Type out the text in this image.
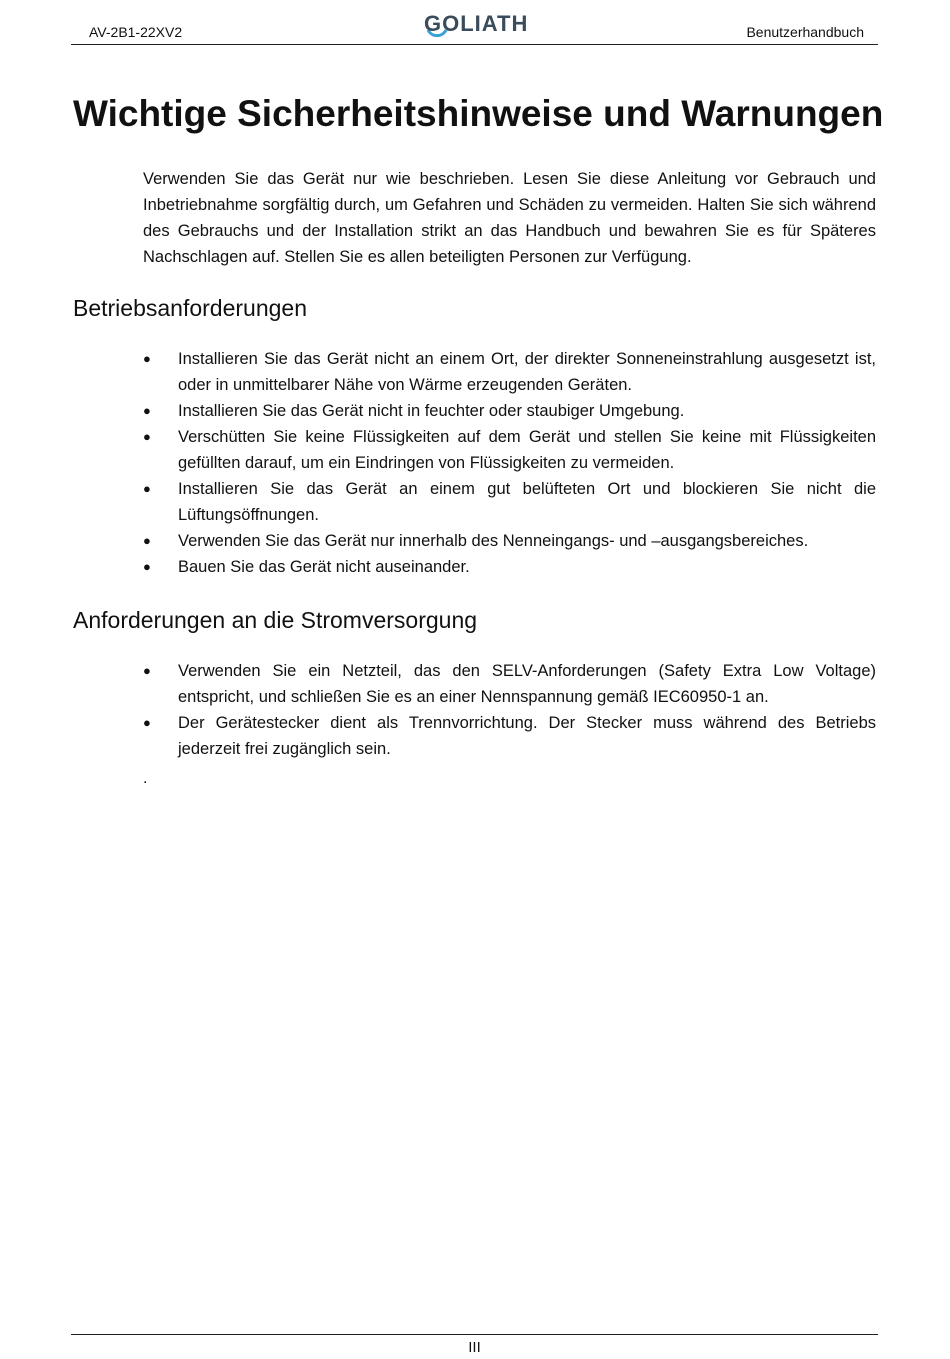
AV-2B1-22XV2	GOLIATH	Benutzerhandbuch
Wichtige Sicherheitshinweise und Warnungen

Verwenden Sie das Gerät nur wie beschrieben. Lesen Sie diese Anleitung vor Gebrauch und Inbetriebnahme sorgfältig durch, um Gefahren und Schäden zu vermeiden. Halten Sie sich während des Gebrauchs und der Installation strikt an das Handbuch und bewahren Sie es für Späteres Nachschlagen auf. Stellen Sie es allen beteiligten Personen zur Verfügung.

Betriebsanforderungen
● Installieren Sie das Gerät nicht an einem Ort, der direkter Sonneneinstrahlung ausgesetzt ist, oder in unmittelbarer Nähe von Wärme erzeugenden Geräten.
● Installieren Sie das Gerät nicht in feuchter oder staubiger Umgebung.
● Verschütten Sie keine Flüssigkeiten auf dem Gerät und stellen Sie keine mit Flüssigkeiten gefüllten darauf, um ein Eindringen von Flüssigkeiten zu vermeiden.
● Installieren Sie das Gerät an einem gut belüfteten Ort und blockieren Sie nicht die Lüftungsöffnungen.
● Verwenden Sie das Gerät nur innerhalb des Nenneingangs- und –ausgangsbereiches.
● Bauen Sie das Gerät nicht auseinander.
Anforderungen an die Stromversorgung
● Verwenden Sie ein Netzteil, das den SELV-Anforderungen (Safety Extra Low Voltage) entspricht, und schließen Sie es an einer Nennspannung gemäß IEC60950-1 an.
● Der Gerätestecker dient als Trennvorrichtung. Der Stecker muss während des Betriebs jederzeit frei zugänglich sein.
.
III
